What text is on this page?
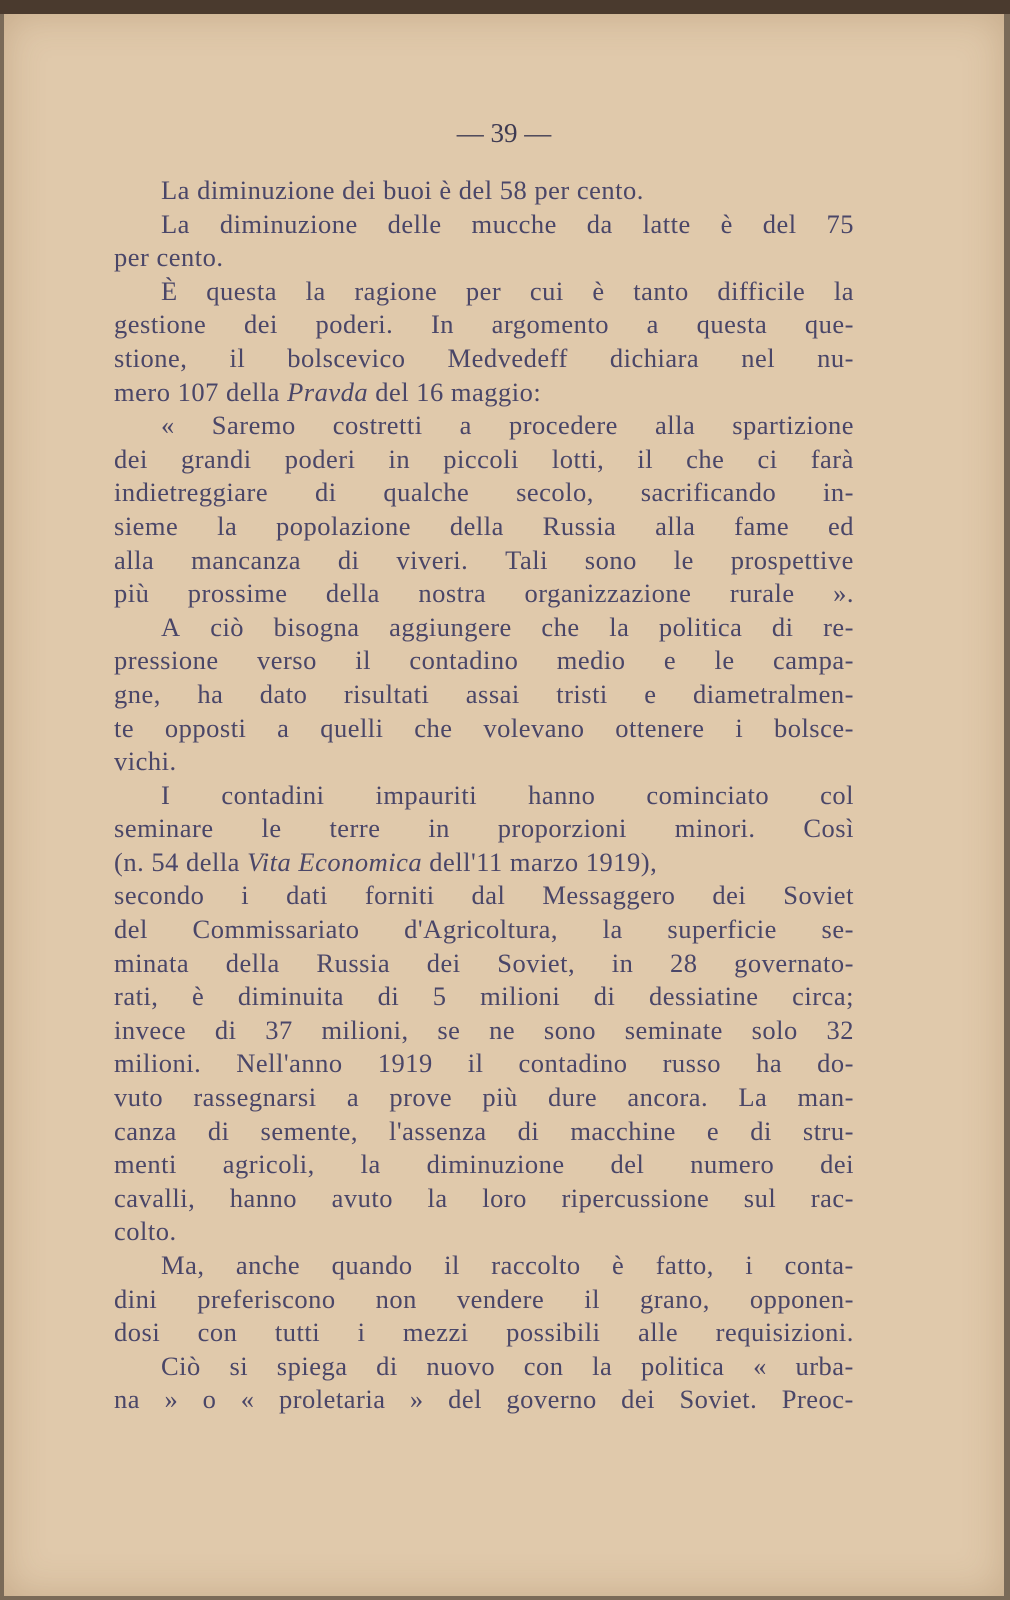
— 39 —
La diminuzione dei buoi è del 58 per cento.
La diminuzione delle mucche da latte è del 75
per cento.
È questa la ragione per cui è tanto difficile la
gestione dei poderi. In argomento a questa que-
stione, il bolscevico Medvedeff dichiara nel nu-
mero 107 della Pravda del 16 maggio:
« Saremo costretti a procedere alla spartizione
dei grandi poderi in piccoli lotti, il che ci farà
indietreggiare di qualche secolo, sacrificando in-
sieme la popolazione della Russia alla fame ed
alla mancanza di viveri. Tali sono le prospettive
più prossime della nostra organizzazione rurale ».
A ciò bisogna aggiungere che la politica di re-
pressione verso il contadino medio e le campa-
gne, ha dato risultati assai tristi e diametralmen-
te opposti a quelli che volevano ottenere i bolsce-
vichi.
I contadini impauriti hanno cominciato col
seminare le terre in proporzioni minori. Così
(n. 54 della Vita Economica dell'11 marzo 1919),
secondo i dati forniti dal Messaggero dei Soviet
del Commissariato d'Agricoltura, la superficie se-
minata della Russia dei Soviet, in 28 governato-
rati, è diminuita di 5 milioni di dessiatine circa;
invece di 37 milioni, se ne sono seminate solo 32
milioni. Nell'anno 1919 il contadino russo ha do-
vuto rassegnarsi a prove più dure ancora. La man-
canza di semente, l'assenza di macchine e di stru-
menti agricoli, la diminuzione del numero dei
cavalli, hanno avuto la loro ripercussione sul rac-
colto.
Ma, anche quando il raccolto è fatto, i conta-
dini preferiscono non vendere il grano, opponen-
dosi con tutti i mezzi possibili alle requisizioni.
Ciò si spiega di nuovo con la politica « urba-
na » o « proletaria » del governo dei Soviet. Preoc-
